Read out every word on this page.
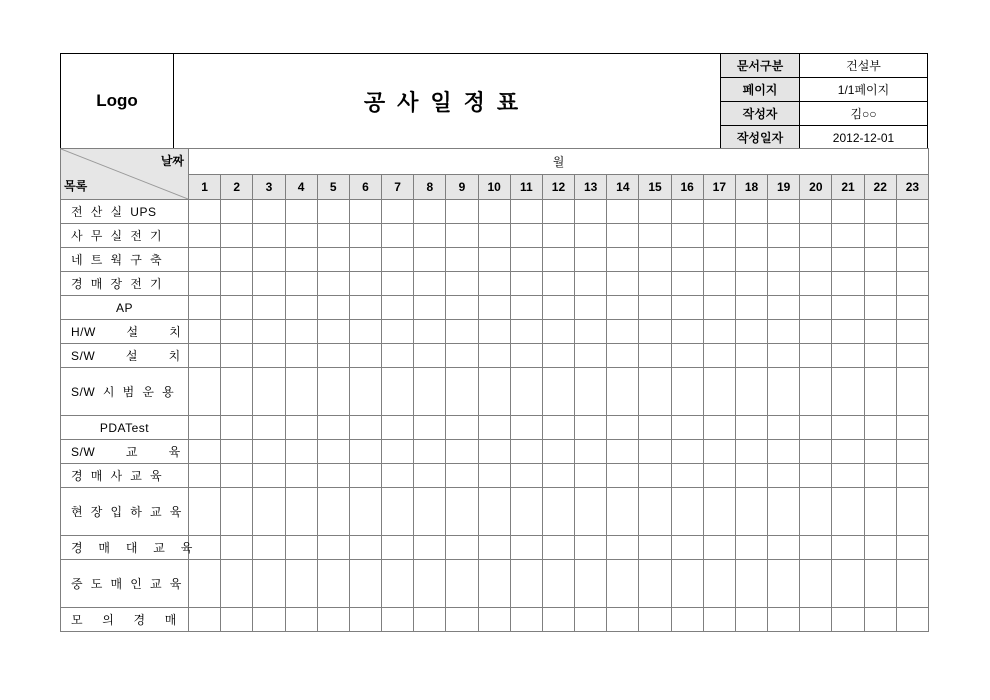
Logo	공사일정표
문서구분	건설부
페이지	1/1페이지
작성자	김○○
작성일자	2012-12-01
날짜
목록	월																						
	1	2	3	4	5	6	7	8	9	10	11	12	13	14	15	16	17	18	19	20	21	22	23
전  산  실  UPS																							
사  무  실  전  기																							
네  트  웍  구  축																							
경  매  장  전  기																							
AP																							
H/W        설        치																							
S/W        설        치																							
S/W  시  범  운  용																							
PDATest																							
S/W        교        육																							
경  매  사  교  육																							
현  장  입  하  교  육																							
경    매    대    교    육																							
중  도  매  인  교  육																							
모     의     경     매																							
